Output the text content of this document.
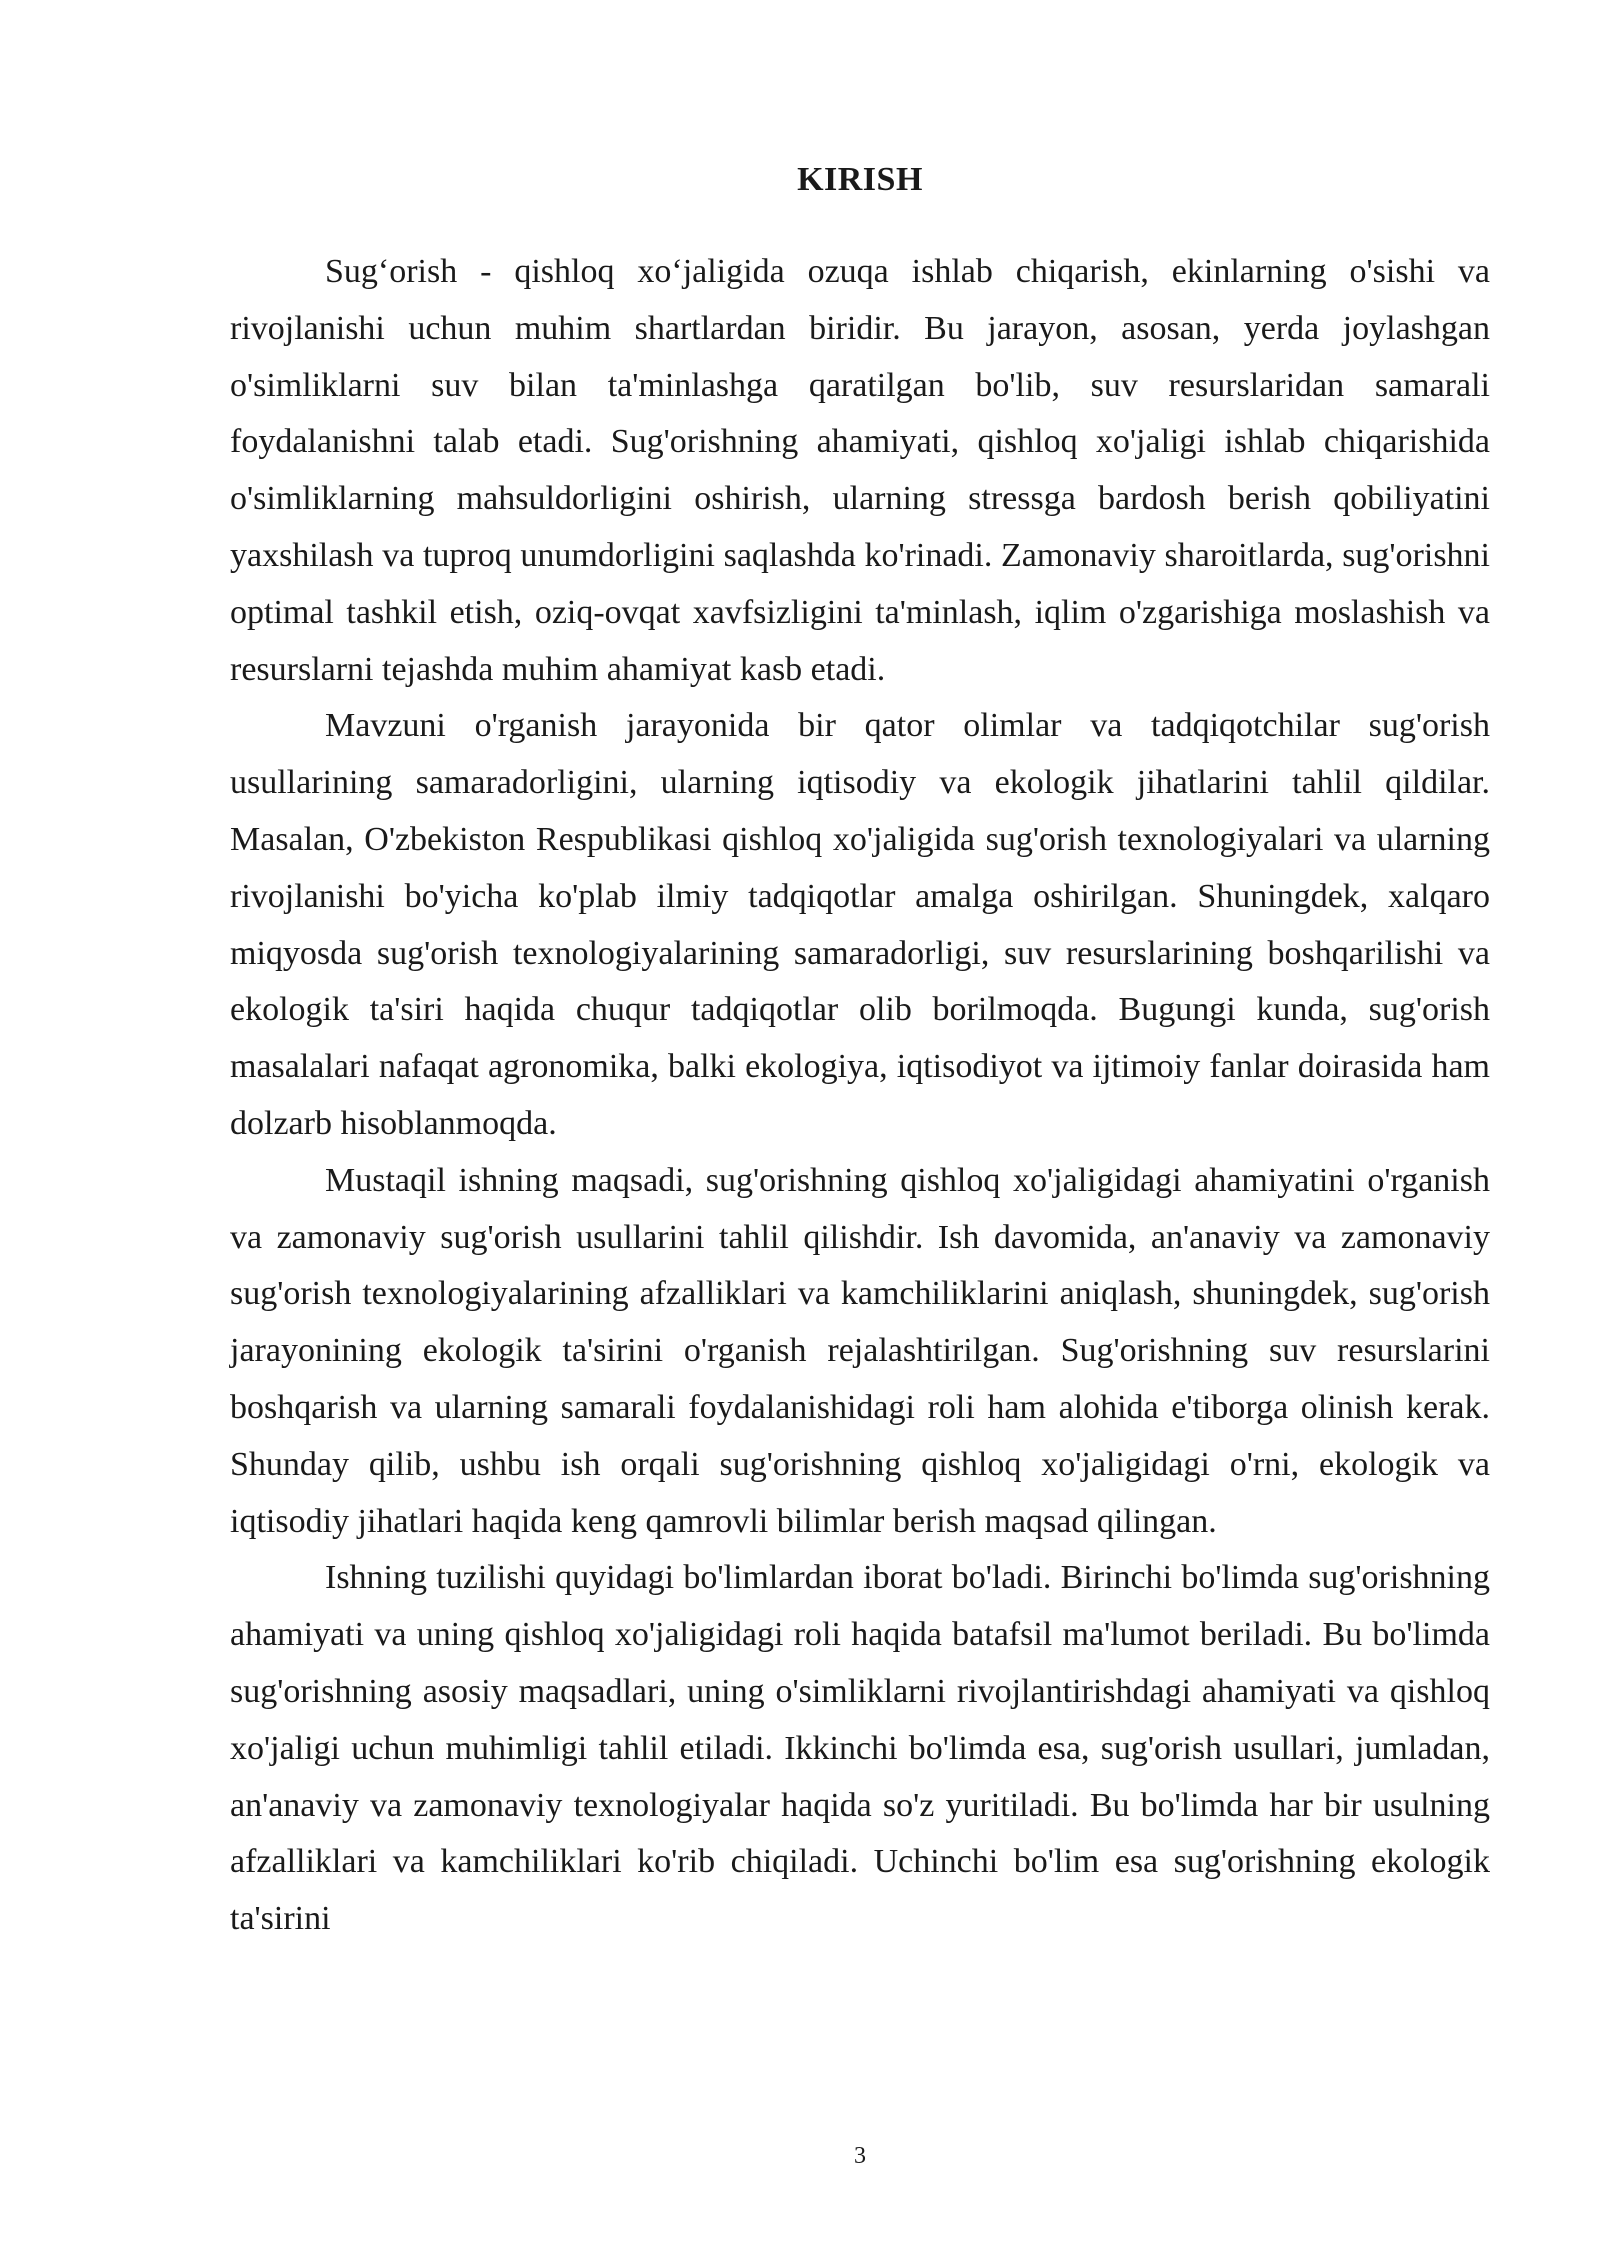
KIRISH

Sug‘orish - qishloq xo‘jaligida ozuqa ishlab chiqarish, ekinlarning o'sishi va rivojlanishi uchun muhim shartlardan biridir. Bu jarayon, asosan, yerda joylashgan o'simliklarni suv bilan ta'minlashga qaratilgan bo'lib, suv resurslaridan samarali foydalanishni talab etadi. Sug'orishning ahamiyati, qishloq xo'jaligi ishlab chiqarishida o'simliklarning mahsuldorligini oshirish, ularning stressga bardosh berish qobiliyatini yaxshilash va tuproq unumdorligini saqlashda ko'rinadi. Zamonaviy sharoitlarda, sug'orishni optimal tashkil etish, oziq-ovqat xavfsizligini ta'minlash, iqlim o'zgarishiga moslashish va resurslarni tejashda muhim ahamiyat kasb etadi.

Mavzuni o'rganish jarayonida bir qator olimlar va tadqiqotchilar sug'orish usullarining samaradorligini, ularning iqtisodiy va ekologik jihatlarini tahlil qildilar. Masalan, O'zbekiston Respublikasi qishloq xo'jaligida sug'orish texnologiyalari va ularning rivojlanishi bo'yicha ko'plab ilmiy tadqiqotlar amalga oshirilgan. Shuningdek, xalqaro miqyosda sug'orish texnologiyalarining samaradorligi, suv resurslarining boshqarilishi va ekologik ta'siri haqida chuqur tadqiqotlar olib borilmoqda. Bugungi kunda, sug'orish masalalari nafaqat agronomika, balki ekologiya, iqtisodiyot va ijtimoiy fanlar doirasida ham dolzarb hisoblanmoqda.

Mustaqil ishning maqsadi, sug'orishning qishloq xo'jaligidagi ahamiyatini o'rganish va zamonaviy sug'orish usullarini tahlil qilishdir. Ish davomida, an'anaviy va zamonaviy sug'orish texnologiyalarining afzalliklari va kamchiliklarini aniqlash, shuningdek, sug'orish jarayonining ekologik ta'sirini o'rganish rejalashtirilgan. Sug'orishning suv resurslarini boshqarish va ularning samarali foydalanishidagi roli ham alohida e'tiborga olinish kerak. Shunday qilib, ushbu ish orqali sug'orishning qishloq xo'jaligidagi o'rni, ekologik va iqtisodiy jihatlari haqida keng qamrovli bilimlar berish maqsad qilingan.

Ishning tuzilishi quyidagi bo'limlardan iborat bo'ladi. Birinchi bo'limda sug'orishning ahamiyati va uning qishloq xo'jaligidagi roli haqida batafsil ma'lumot beriladi. Bu bo'limda sug'orishning asosiy maqsadlari, uning o'simliklarni rivojlantirishdagi ahamiyati va qishloq xo'jaligi uchun muhimligi tahlil etiladi. Ikkinchi bo'limda esa, sug'orish usullari, jumladan, an'anaviy va zamonaviy texnologiyalar haqida so'z yuritiladi. Bu bo'limda har bir usulning afzalliklari va kamchiliklari ko'rib chiqiladi. Uchinchi bo'lim esa sug'orishning ekologik ta'sirini

3
